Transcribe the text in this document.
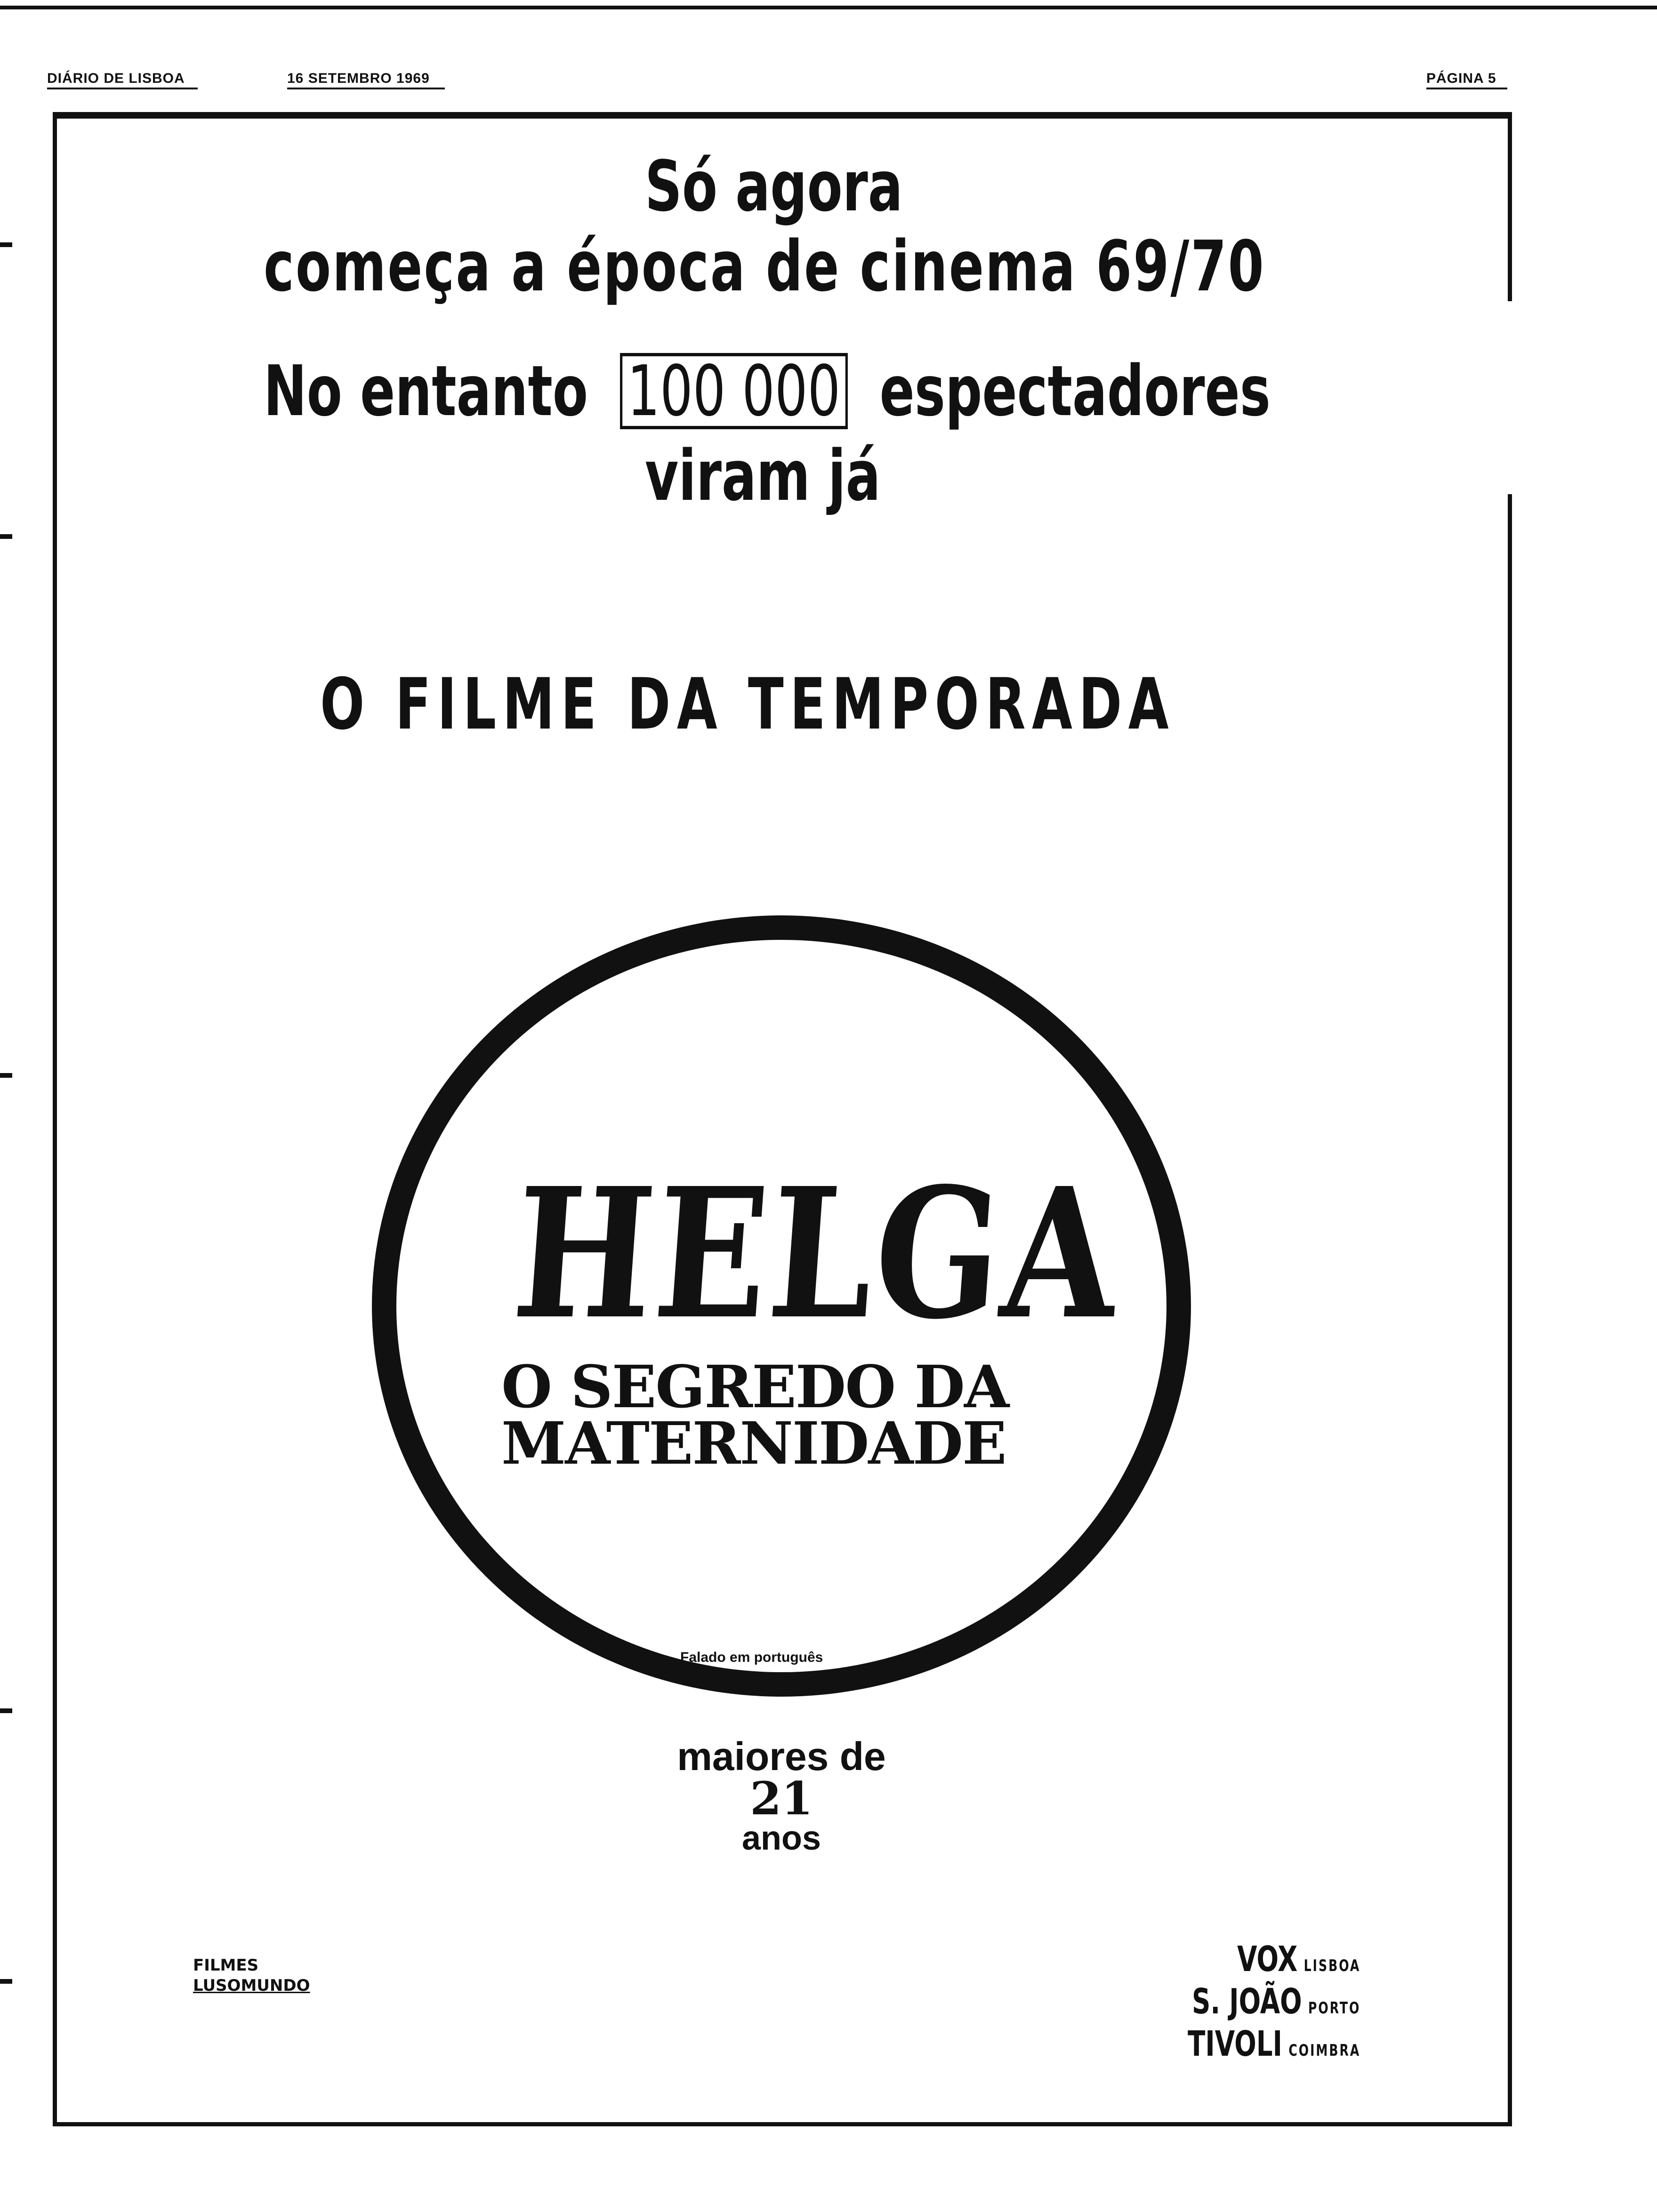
DIÁRIO DE LISBOA	16 SETEMBRO 1969	PÁGINA 5
Só agora
começa a época de cinema 69/70
No entanto 100 000 espectadores
viram já
O FILME DA TEMPORADA
HELGA
O SEGREDO DA
MATERNIDADE
Falado em português
maiores de
21
anos
FILMES
LUSOMUNDO
VOX LISBOA
S. JOÃO PORTO
TIVOLI COIMBRA
